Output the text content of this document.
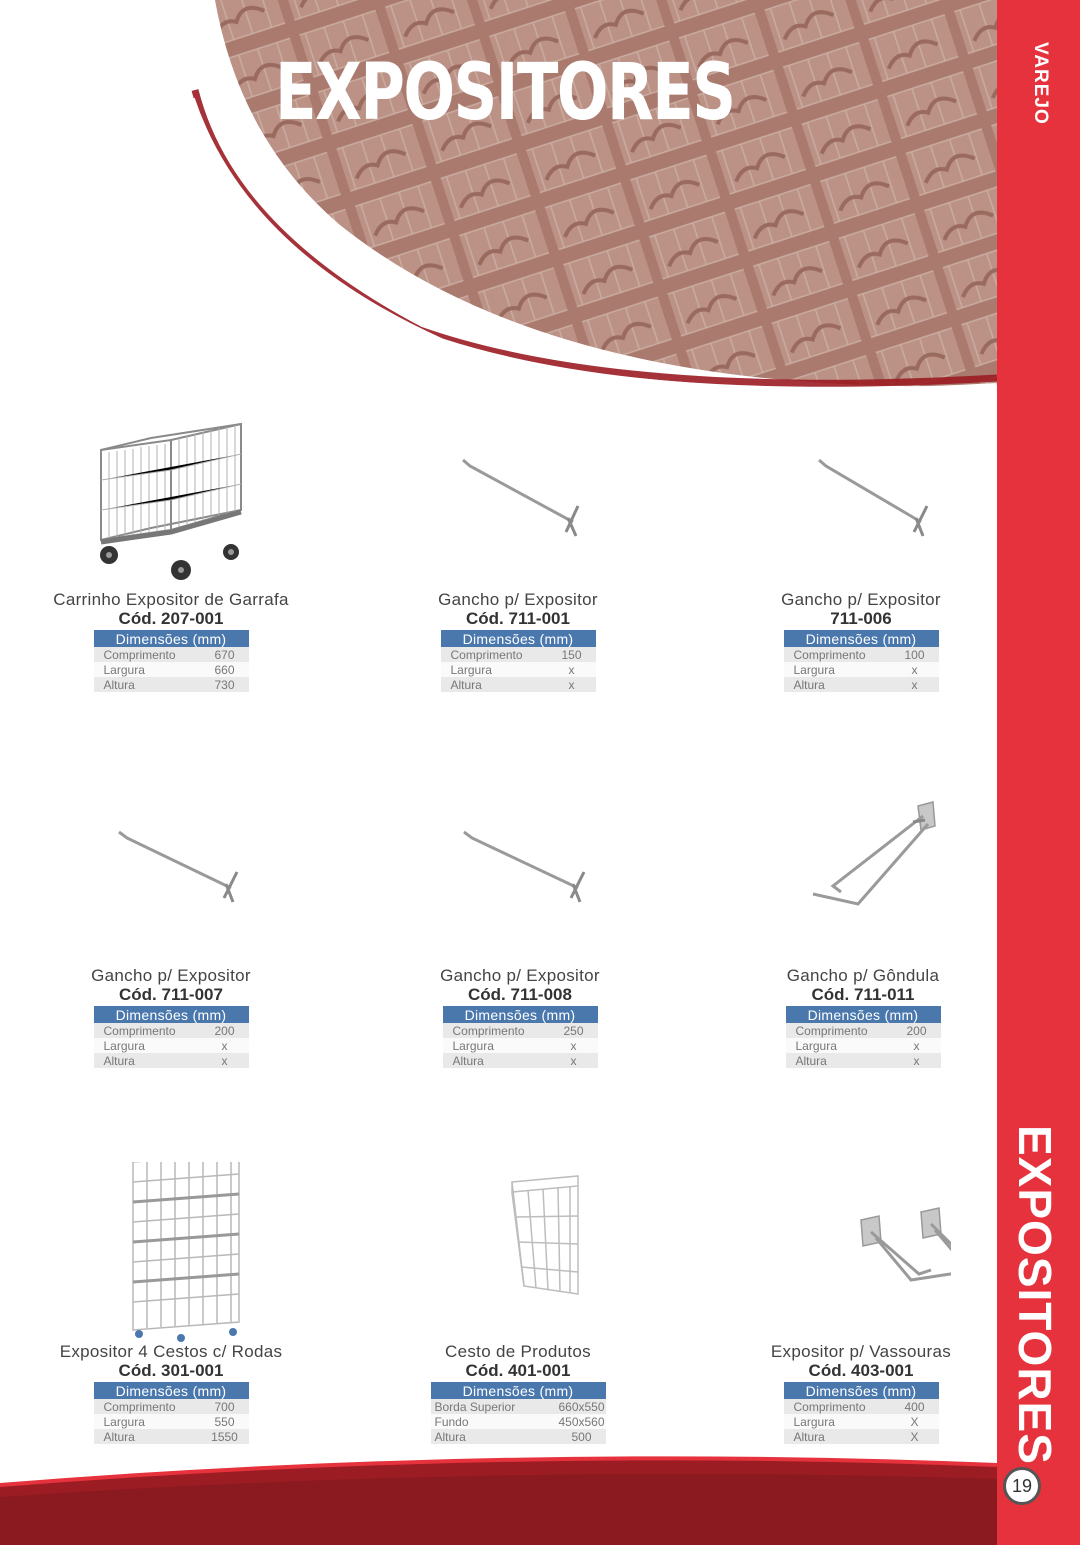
EXPOSITORES	VAREJO
EXPOSITORES
19
Carrinho Expositor de Garrafa
Cód. 207-001
Dimensões (mm)	
Comprimento	670
Largura	660
Altura	730
Gancho p/ Expositor
Cód. 711-001
Dimensões (mm)	
Comprimento	150
Largura	x
Altura	x
Gancho p/ Expositor
711-006
Dimensões (mm)	
Comprimento	100
Largura	x
Altura	x
Gancho p/ Expositor
Cód. 711-007
Dimensões (mm)	
Comprimento	200
Largura	x
Altura	x
Gancho p/ Expositor
Cód. 711-008
Dimensões (mm)	
Comprimento	250
Largura	x
Altura	x
Gancho p/ Gôndula
Cód. 711-011
Dimensões (mm)	
Comprimento	200
Largura	x
Altura	x
Expositor 4 Cestos c/ Rodas
Cód. 301-001
Dimensões (mm)	
Comprimento	700
Largura	550
Altura	1550
Cesto de Produtos
Cód. 401-001
Dimensões (mm)	
Borda Superior	660x550
Fundo	450x560
Altura	500
Expositor p/ Vassouras
Cód. 403-001
Dimensões (mm)	
Comprimento	400
Largura	X
Altura	X
